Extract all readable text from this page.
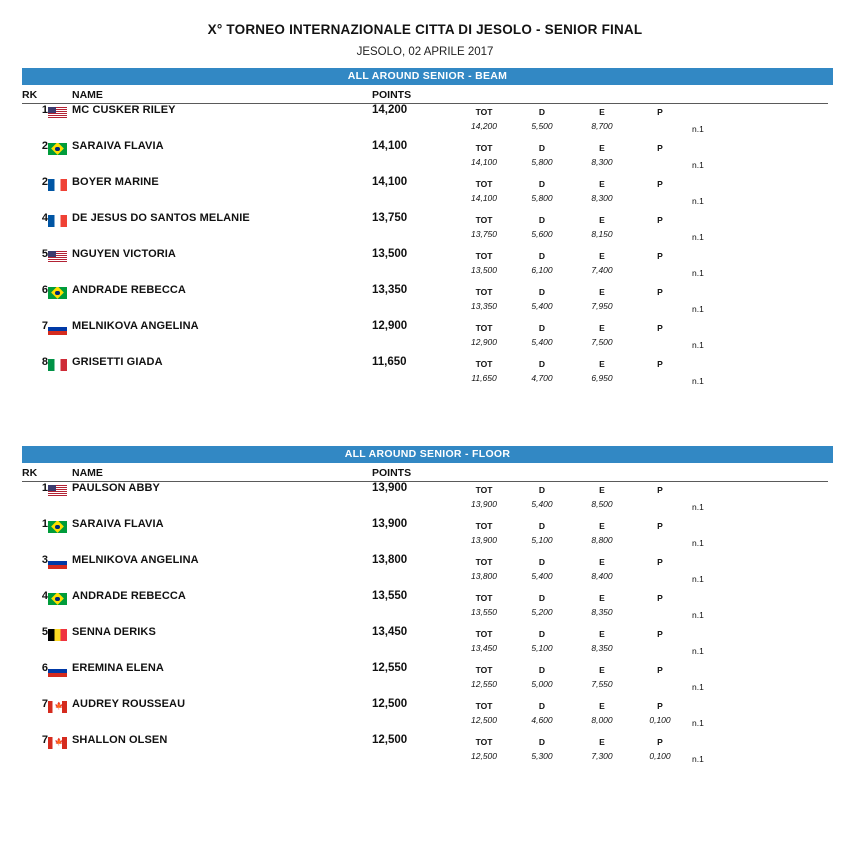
X° TORNEO INTERNAZIONALE CITTA DI JESOLO - SENIOR FINAL
JESOLO, 02 APRILE 2017
ALL AROUND SENIOR - BEAM
RK		NAME	POINTS	
1		MC CUSKER RILEY	14,200	TOT	D	E	P
14,200	5,500	8,700	n.1

2		SARAIVA FLAVIA	14,100	TOT	D	E	P
14,100	5,800	8,300	n.1

2		BOYER MARINE	14,100	TOT	D	E	P
14,100	5,800	8,300	n.1

4		DE JESUS DO SANTOS MELANIE	13,750	TOT	D	E	P
13,750	5,600	8,150	n.1

5		NGUYEN VICTORIA	13,500	TOT	D	E	P
13,500	6,100	7,400	n.1

6		ANDRADE REBECCA	13,350	TOT	D	E	P
13,350	5,400	7,950	n.1

7		MELNIKOVA ANGELINA	12,900	TOT	D	E	P
12,900	5,400	7,500	n.1

8		GRISETTI GIADA	11,650	TOT	D	E	P
11,650	4,700	6,950	n.1
ALL AROUND SENIOR - FLOOR
RK		NAME	POINTS	
1		PAULSON ABBY	13,900	TOT	D	E	P
13,900	5,400	8,500	n.1

1		SARAIVA FLAVIA	13,900	TOT	D	E	P
13,900	5,100	8,800	n.1

3		MELNIKOVA ANGELINA	13,800	TOT	D	E	P
13,800	5,400	8,400	n.1

4		ANDRADE REBECCA	13,550	TOT	D	E	P
13,550	5,200	8,350	n.1

5		SENNA DERIKS	13,450	TOT	D	E	P
13,450	5,100	8,350	n.1

6		EREMINA ELENA	12,550	TOT	D	E	P
12,550	5,000	7,550	n.1

7	🍁	AUDREY ROUSSEAU	12,500	TOT	D	E	P
12,500	4,600	8,000	0,100	n.1

7	🍁	SHALLON OLSEN	12,500	TOT	D	E	P
12,500	5,300	7,300	0,100	n.1
